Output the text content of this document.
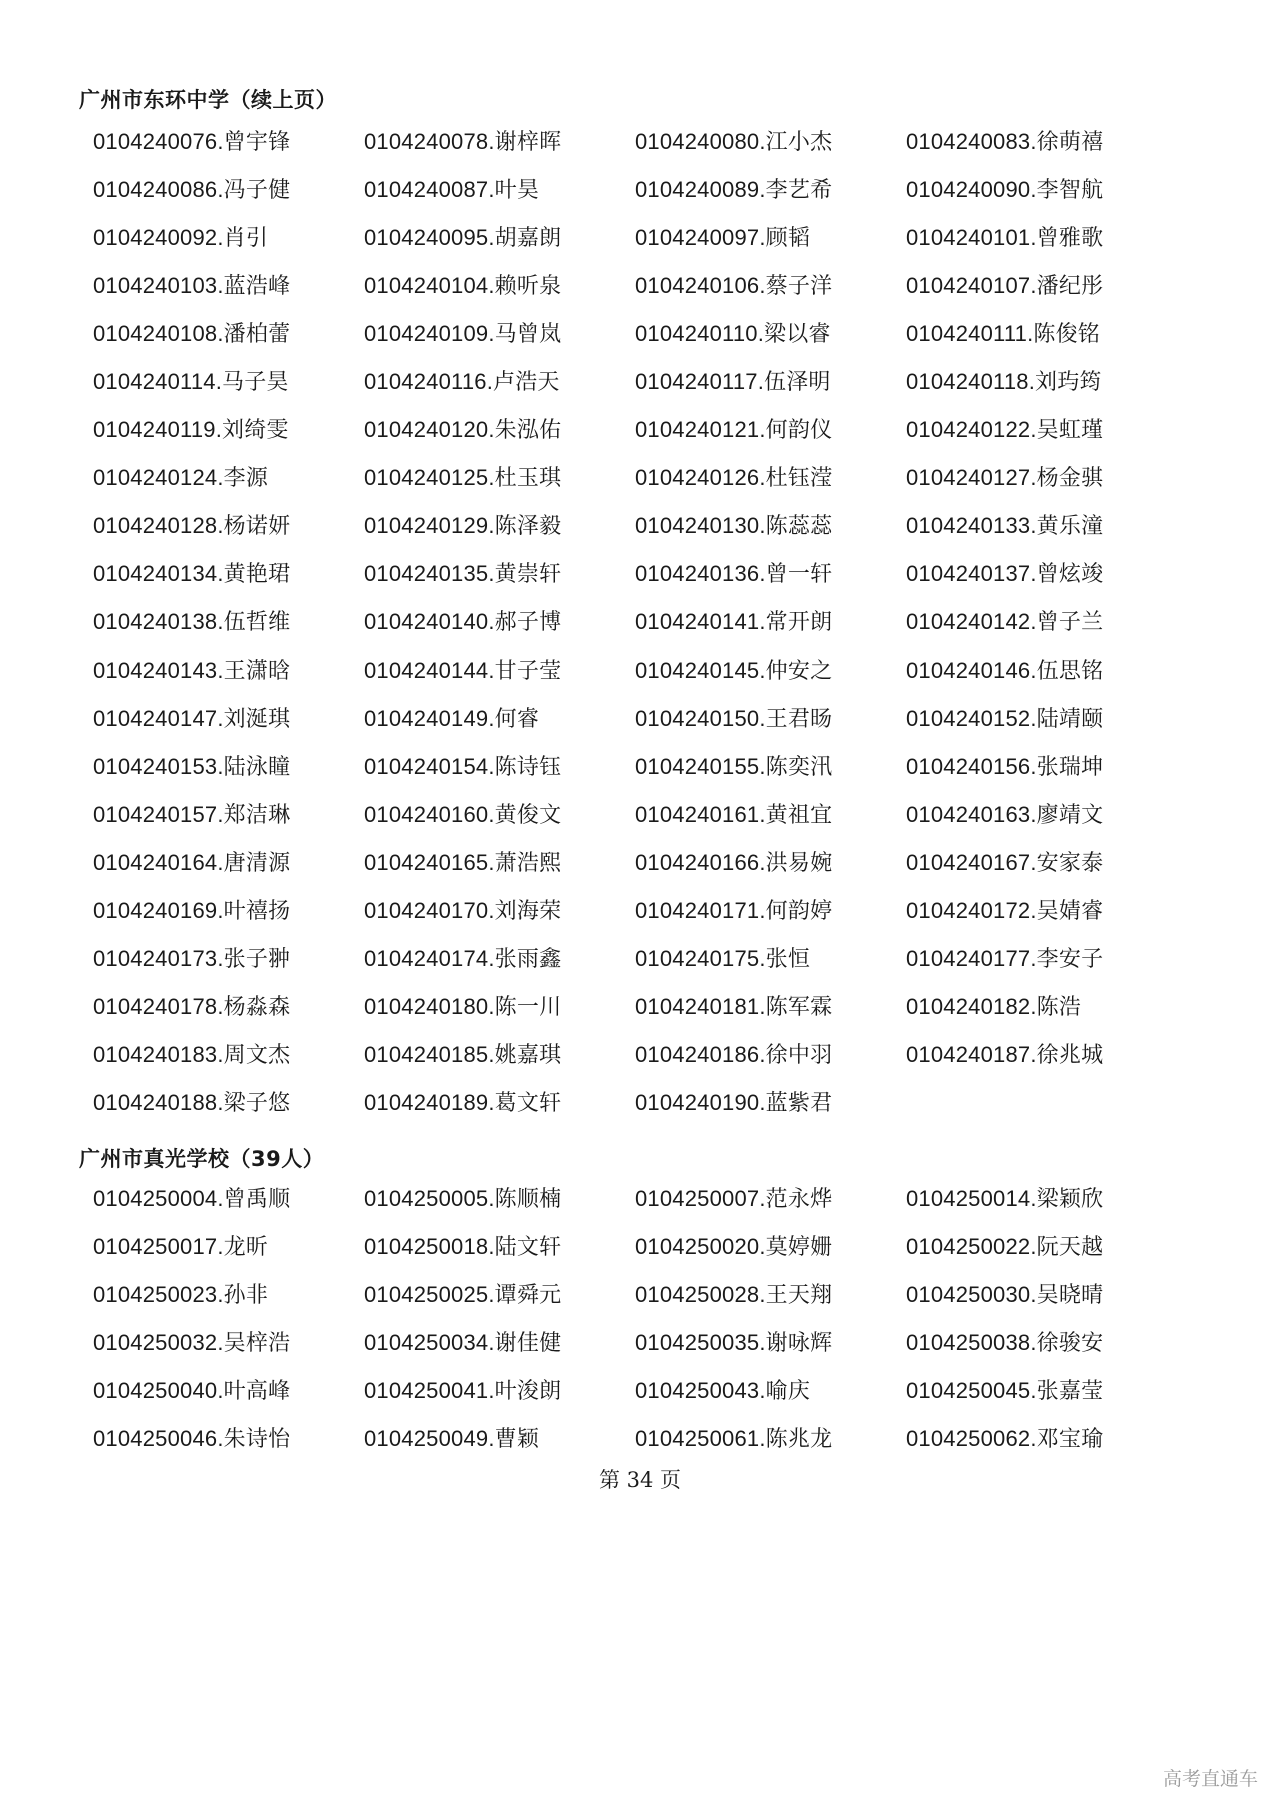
广州市东环中学（续上页）
0104240076.曾宇锋	0104240078.谢梓晖	0104240080.江小杰	0104240083.徐萌禧
0104240086.冯子健	0104240087.叶昊	0104240089.李艺希	0104240090.李智航
0104240092.肖引	0104240095.胡嘉朗	0104240097.顾韬	0104240101.曾雅歌
0104240103.蓝浩峰	0104240104.赖听泉	0104240106.蔡子洋	0104240107.潘纪彤
0104240108.潘柏蕾	0104240109.马曾岚	0104240110.梁以睿	0104240111.陈俊铭
0104240114.马子昊	0104240116.卢浩天	0104240117.伍泽明	0104240118.刘玙筠
0104240119.刘绮雯	0104240120.朱泓佑	0104240121.何韵仪	0104240122.吴虹瑾
0104240124.李源	0104240125.杜玉琪	0104240126.杜钰滢	0104240127.杨金骐
0104240128.杨诺妍	0104240129.陈泽毅	0104240130.陈蕊蕊	0104240133.黄乐潼
0104240134.黄艳珺	0104240135.黄崇轩	0104240136.曾一轩	0104240137.曾炫竣
0104240138.伍哲维	0104240140.郝子博	0104240141.常开朗	0104240142.曾子兰
0104240143.王潇晗	0104240144.甘子莹	0104240145.仲安之	0104240146.伍思铭
0104240147.刘涎琪	0104240149.何睿	0104240150.王君旸	0104240152.陆靖颐
0104240153.陆泳瞳	0104240154.陈诗钰	0104240155.陈奕汛	0104240156.张瑞坤
0104240157.郑洁琳	0104240160.黄俊文	0104240161.黄祖宜	0104240163.廖靖文
0104240164.唐清源	0104240165.萧浩熙	0104240166.洪易婉	0104240167.安家泰
0104240169.叶禧扬	0104240170.刘海荣	0104240171.何韵婷	0104240172.吴婧睿
0104240173.张子翀	0104240174.张雨鑫	0104240175.张恒	0104240177.李安子
0104240178.杨淼森	0104240180.陈一川	0104240181.陈军霖	0104240182.陈浩
0104240183.周文杰	0104240185.姚嘉琪	0104240186.徐中羽	0104240187.徐兆城
0104240188.梁子悠	0104240189.葛文轩	0104240190.蓝紫君
广州市真光学校（39人）
0104250004.曾禹顺	0104250005.陈顺楠	0104250007.范永烨	0104250014.梁颖欣
0104250017.龙昕	0104250018.陆文轩	0104250020.莫婷姗	0104250022.阮天越
0104250023.孙非	0104250025.谭舜元	0104250028.王天翔	0104250030.吴晓晴
0104250032.吴梓浩	0104250034.谢佳健	0104250035.谢咏辉	0104250038.徐骏安
0104250040.叶高峰	0104250041.叶浚朗	0104250043.喻庆	0104250045.张嘉莹
0104250046.朱诗怡	0104250049.曹颖	0104250061.陈兆龙	0104250062.邓宝瑜
第 34 页
高考直通车
